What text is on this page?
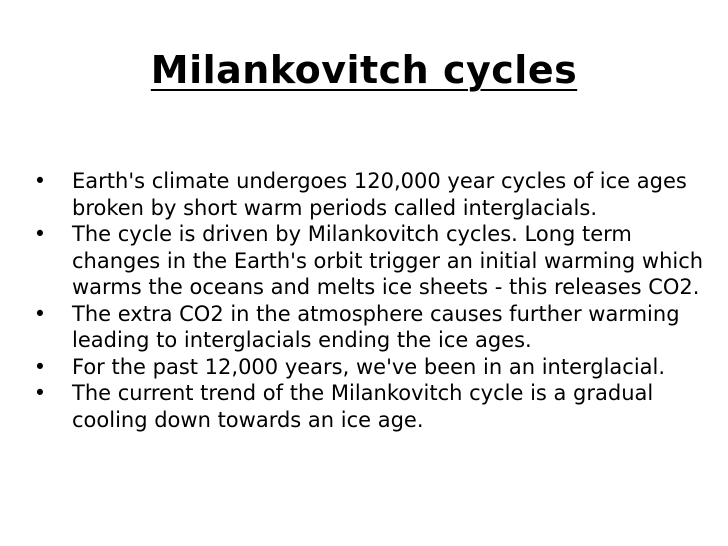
Milankovitch cycles
• Earth's climate undergoes 120,000 year cycles of ice ages broken by short warm periods called interglacials.
• The cycle is driven by Milankovitch cycles. Long term changes in the Earth's orbit trigger an initial warming which warms the oceans and melts ice sheets - this releases CO2.
• The extra CO2 in the atmosphere causes further warming leading to interglacials ending the ice ages.
• For the past 12,000 years, we've been in an interglacial.
• The current trend of the Milankovitch cycle is a gradual cooling down towards an ice age.
